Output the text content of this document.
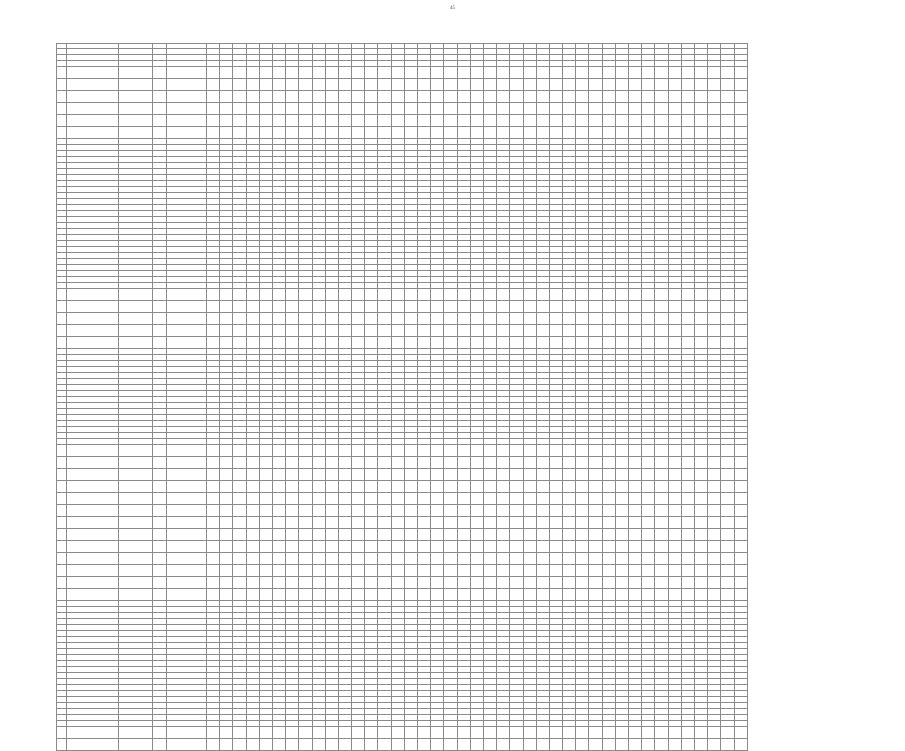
45
